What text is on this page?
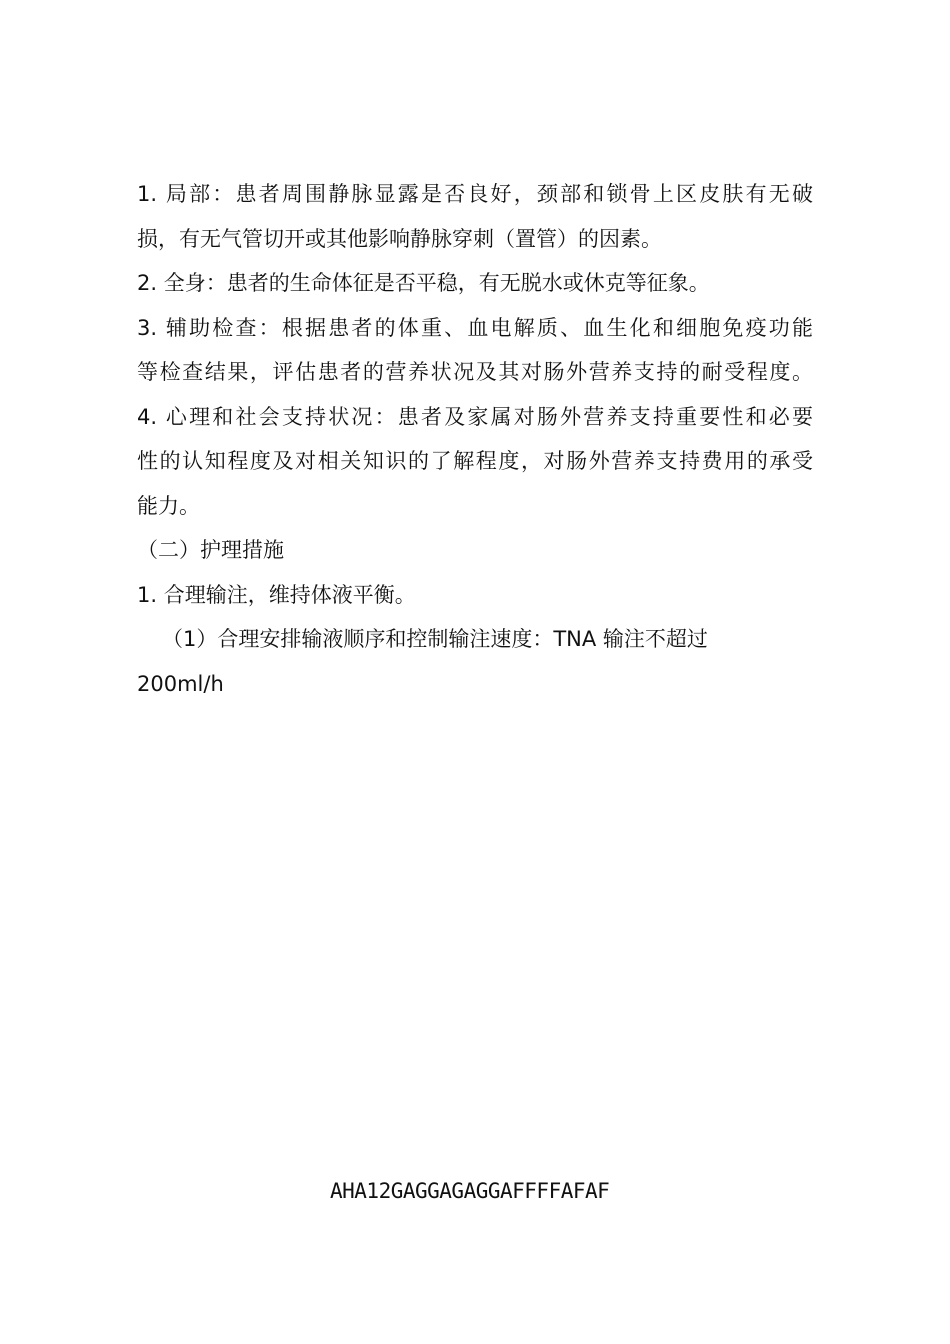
1. 局部：患者周围静脉显露是否良好，颈部和锁骨上区皮肤有无破
损，有无气管切开或其他影响静脉穿刺（置管）的因素。
2. 全身：患者的生命体征是否平稳，有无脱水或休克等征象。
3. 辅助检查：根据患者的体重、血电解质、血生化和细胞免疫功能
等检查结果，评估患者的营养状况及其对肠外营养支持的耐受程度。
4. 心理和社会支持状况：患者及家属对肠外营养支持重要性和必要
性的认知程度及对相关知识的了解程度，对肠外营养支持费用的承受
能力。
（二）护理措施
1. 合理输注，维持体液平衡。
（1）合理安排输液顺序和控制输注速度：TNA 输注不超过
200ml/h
AHA12GAGGAGAGGAFFFFAFAF
